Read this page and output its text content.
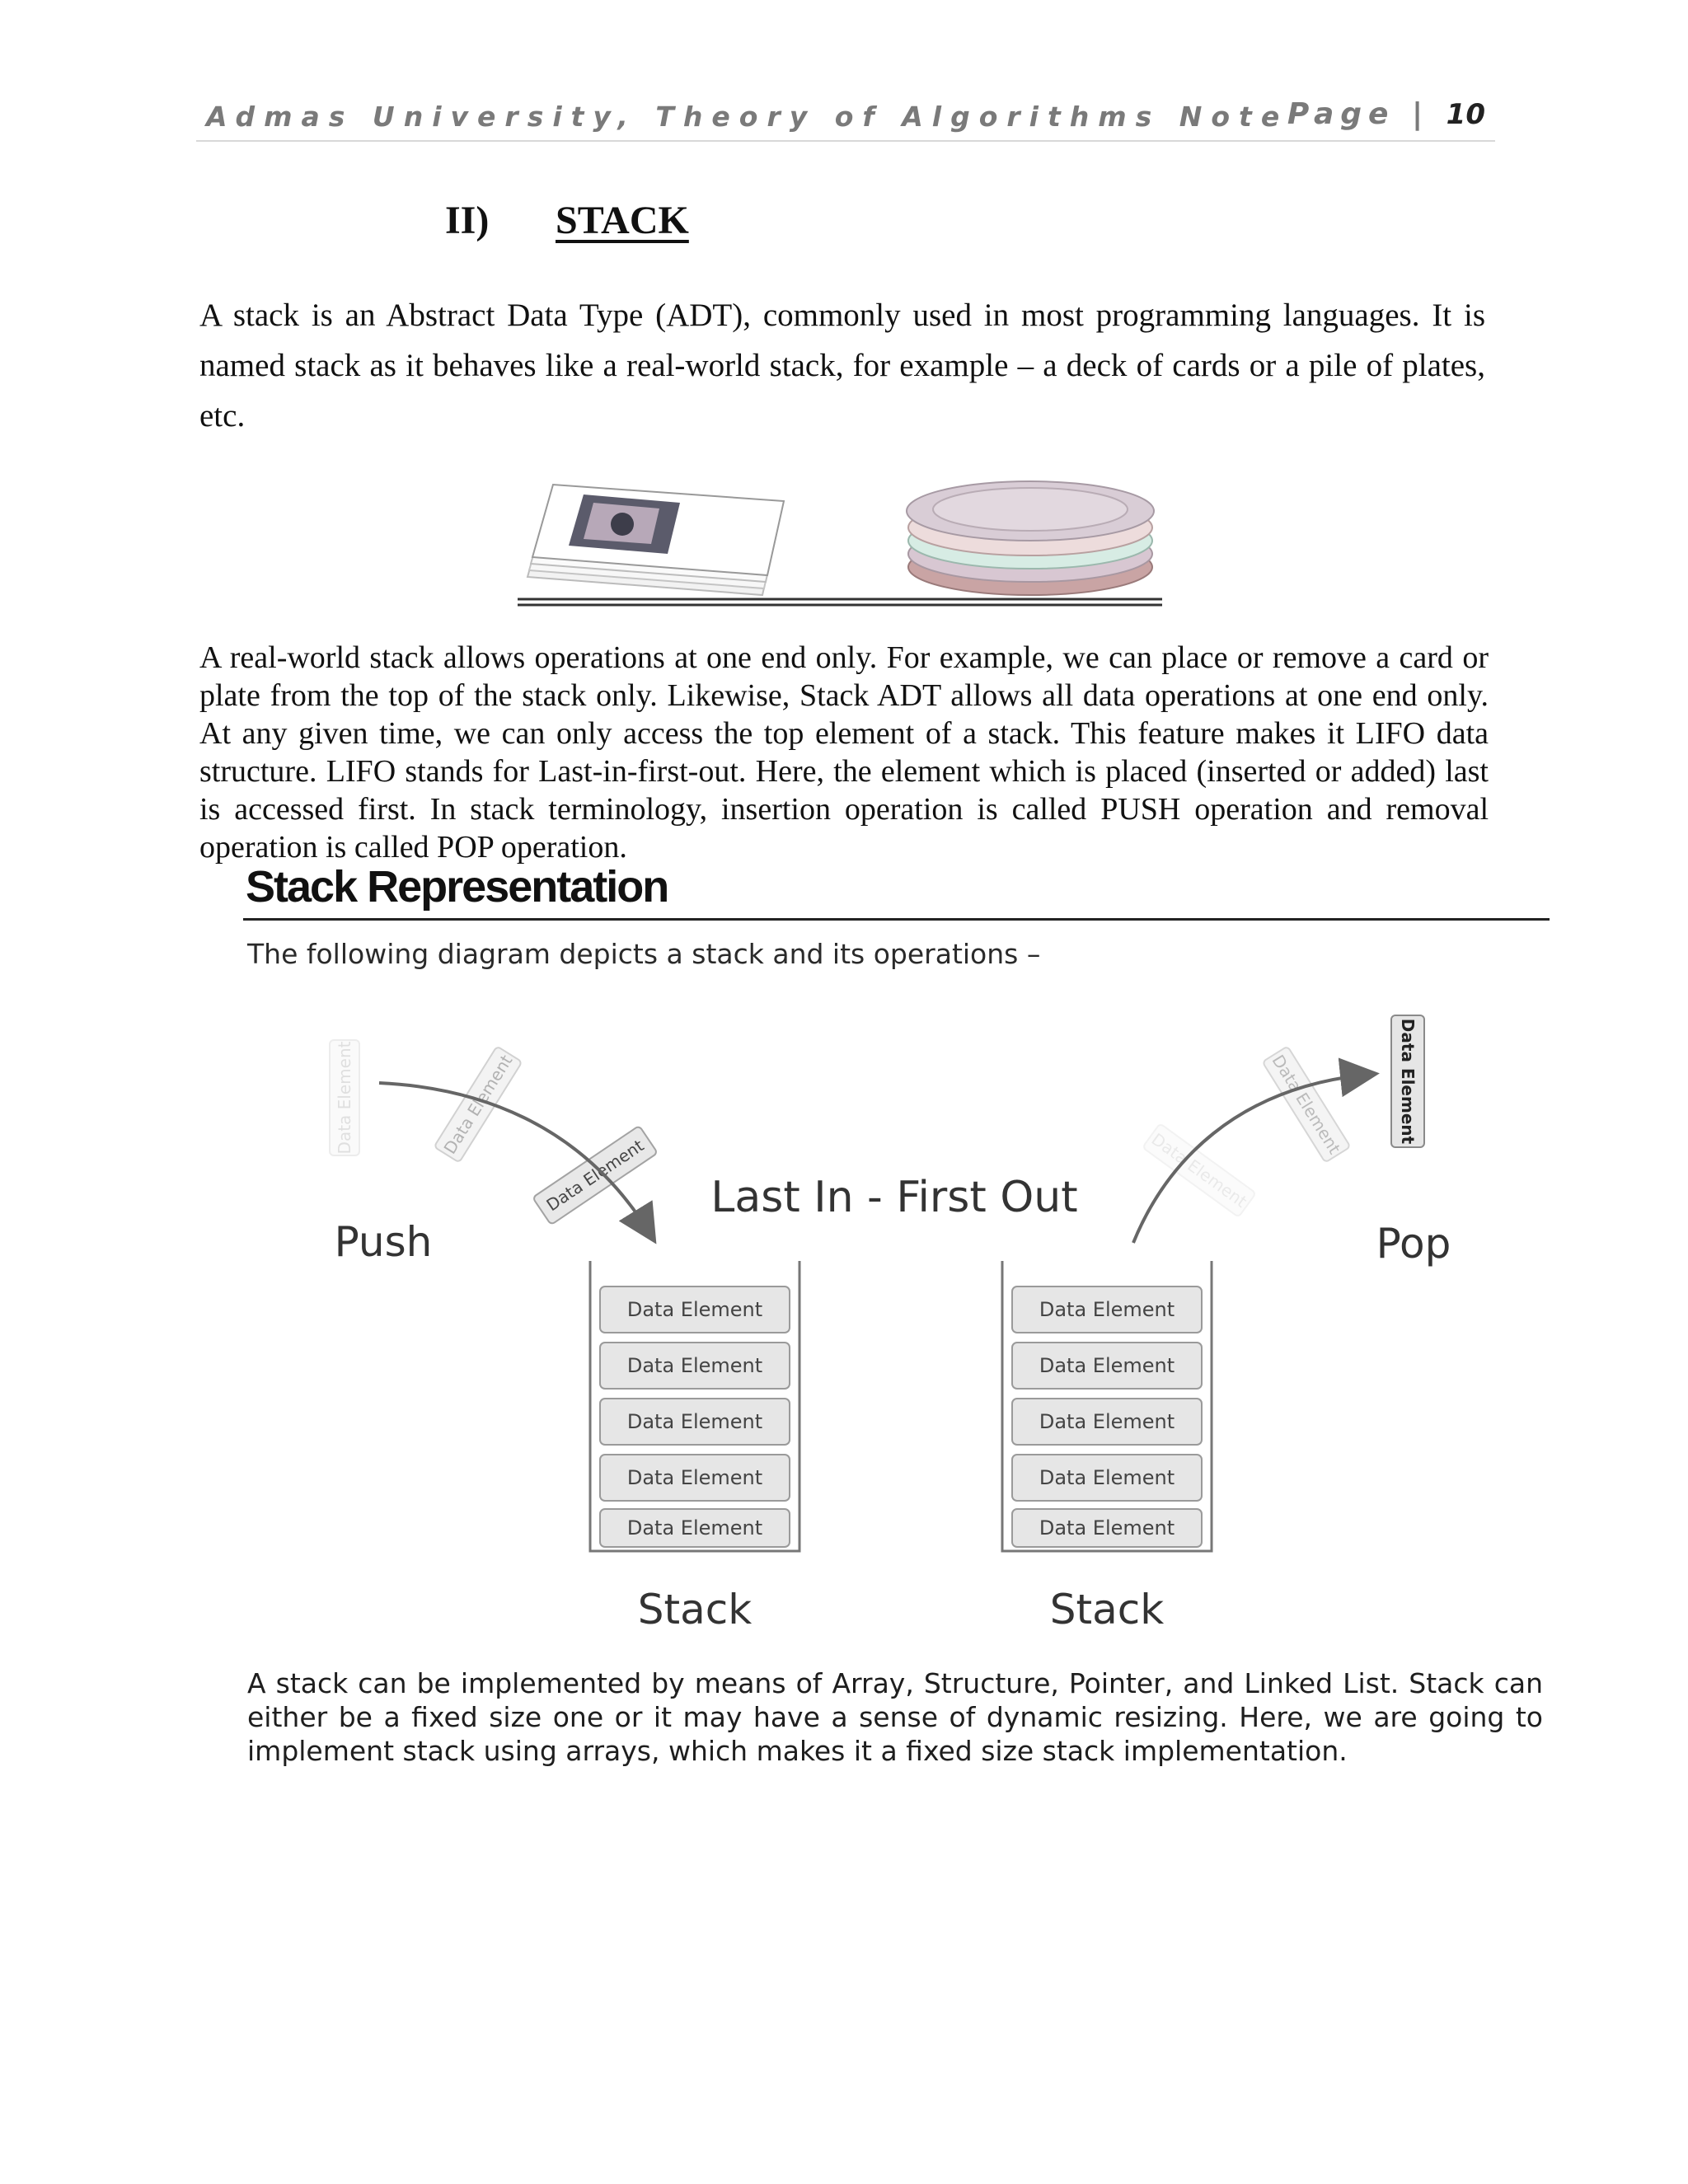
Admas University, Theory of Algorithms Note
Page | 10
II) STACK

A stack is an Abstract Data Type (ADT), commonly used in most programming languages. It is named stack as it behaves like a real-world stack, for example – a deck of cards or a pile of plates, etc.

A real-world stack allows operations at one end only. For example, we can place or remove a card or plate from the top of the stack only. Likewise, Stack ADT allows all data operations at one end only. At any given time, we can only access the top element of a stack. This feature makes it LIFO data structure. LIFO stands for Last-in-first-out. Here, the element which is placed (inserted or added) last is accessed first. In stack terminology, insertion operation is called PUSH operation and removal operation is called POP operation.

Stack Representation
The following diagram depicts a stack and its operations –
Data Element	Data Element
Data Element	Data Element
Data Element	Data Element
Last In - First Out
Push	Pop
Data Element
Data Element
Data Element
Data Element
Data Element
Stack
Data Element
Data Element
Data Element
Data Element
Data Element
Stack

A stack can be implemented by means of Array, Structure, Pointer, and Linked List. Stack can either be a fixed size one or it may have a sense of dynamic resizing. Here, we are going to implement stack using arrays, which makes it a fixed size stack implementation.
